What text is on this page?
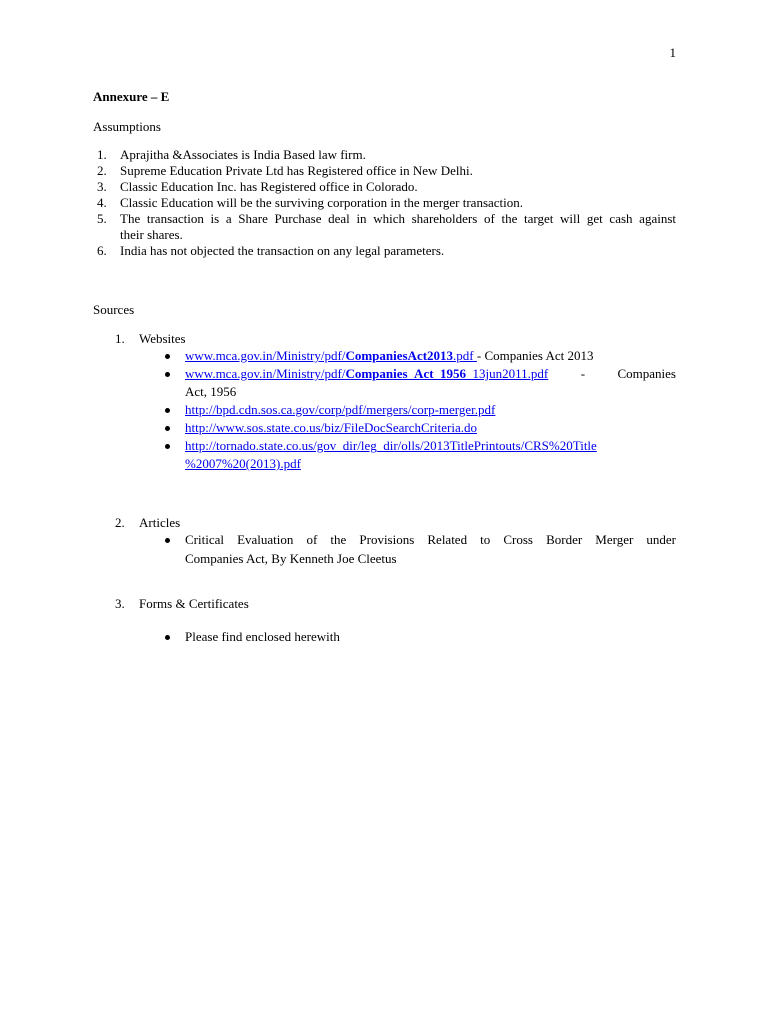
1
Annexure – E
Assumptions
1. Aprajitha &Associates is India Based law firm.
2. Supreme Education Private Ltd has Registered office in New Delhi.
3. Classic Education Inc. has Registered office in Colorado.
4. Classic Education will be the surviving corporation in the merger transaction.
5. The transaction is a Share Purchase deal in which shareholders of the target will get cash against
their shares.
6. India has not objected the transaction on any legal parameters.
Sources
1. Websites
www.mca.gov.in/Ministry/pdf/CompaniesAct2013.pdf - Companies Act 2013
www.mca.gov.in/Ministry/pdf/Companies_Act_1956_13jun2011.pdf - Companies
Act, 1956
http://bpd.cdn.sos.ca.gov/corp/pdf/mergers/corp-merger.pdf
http://www.sos.state.co.us/biz/FileDocSearchCriteria.do
http://tornado.state.co.us/gov_dir/leg_dir/olls/2013TitlePrintouts/CRS%20Title
%2007%20(2013).pdf
2. Articles
Critical Evaluation of the Provisions Related to Cross Border Merger under
Companies Act, By Kenneth Joe Cleetus
3. Forms & Certificates
Please find enclosed herewith
